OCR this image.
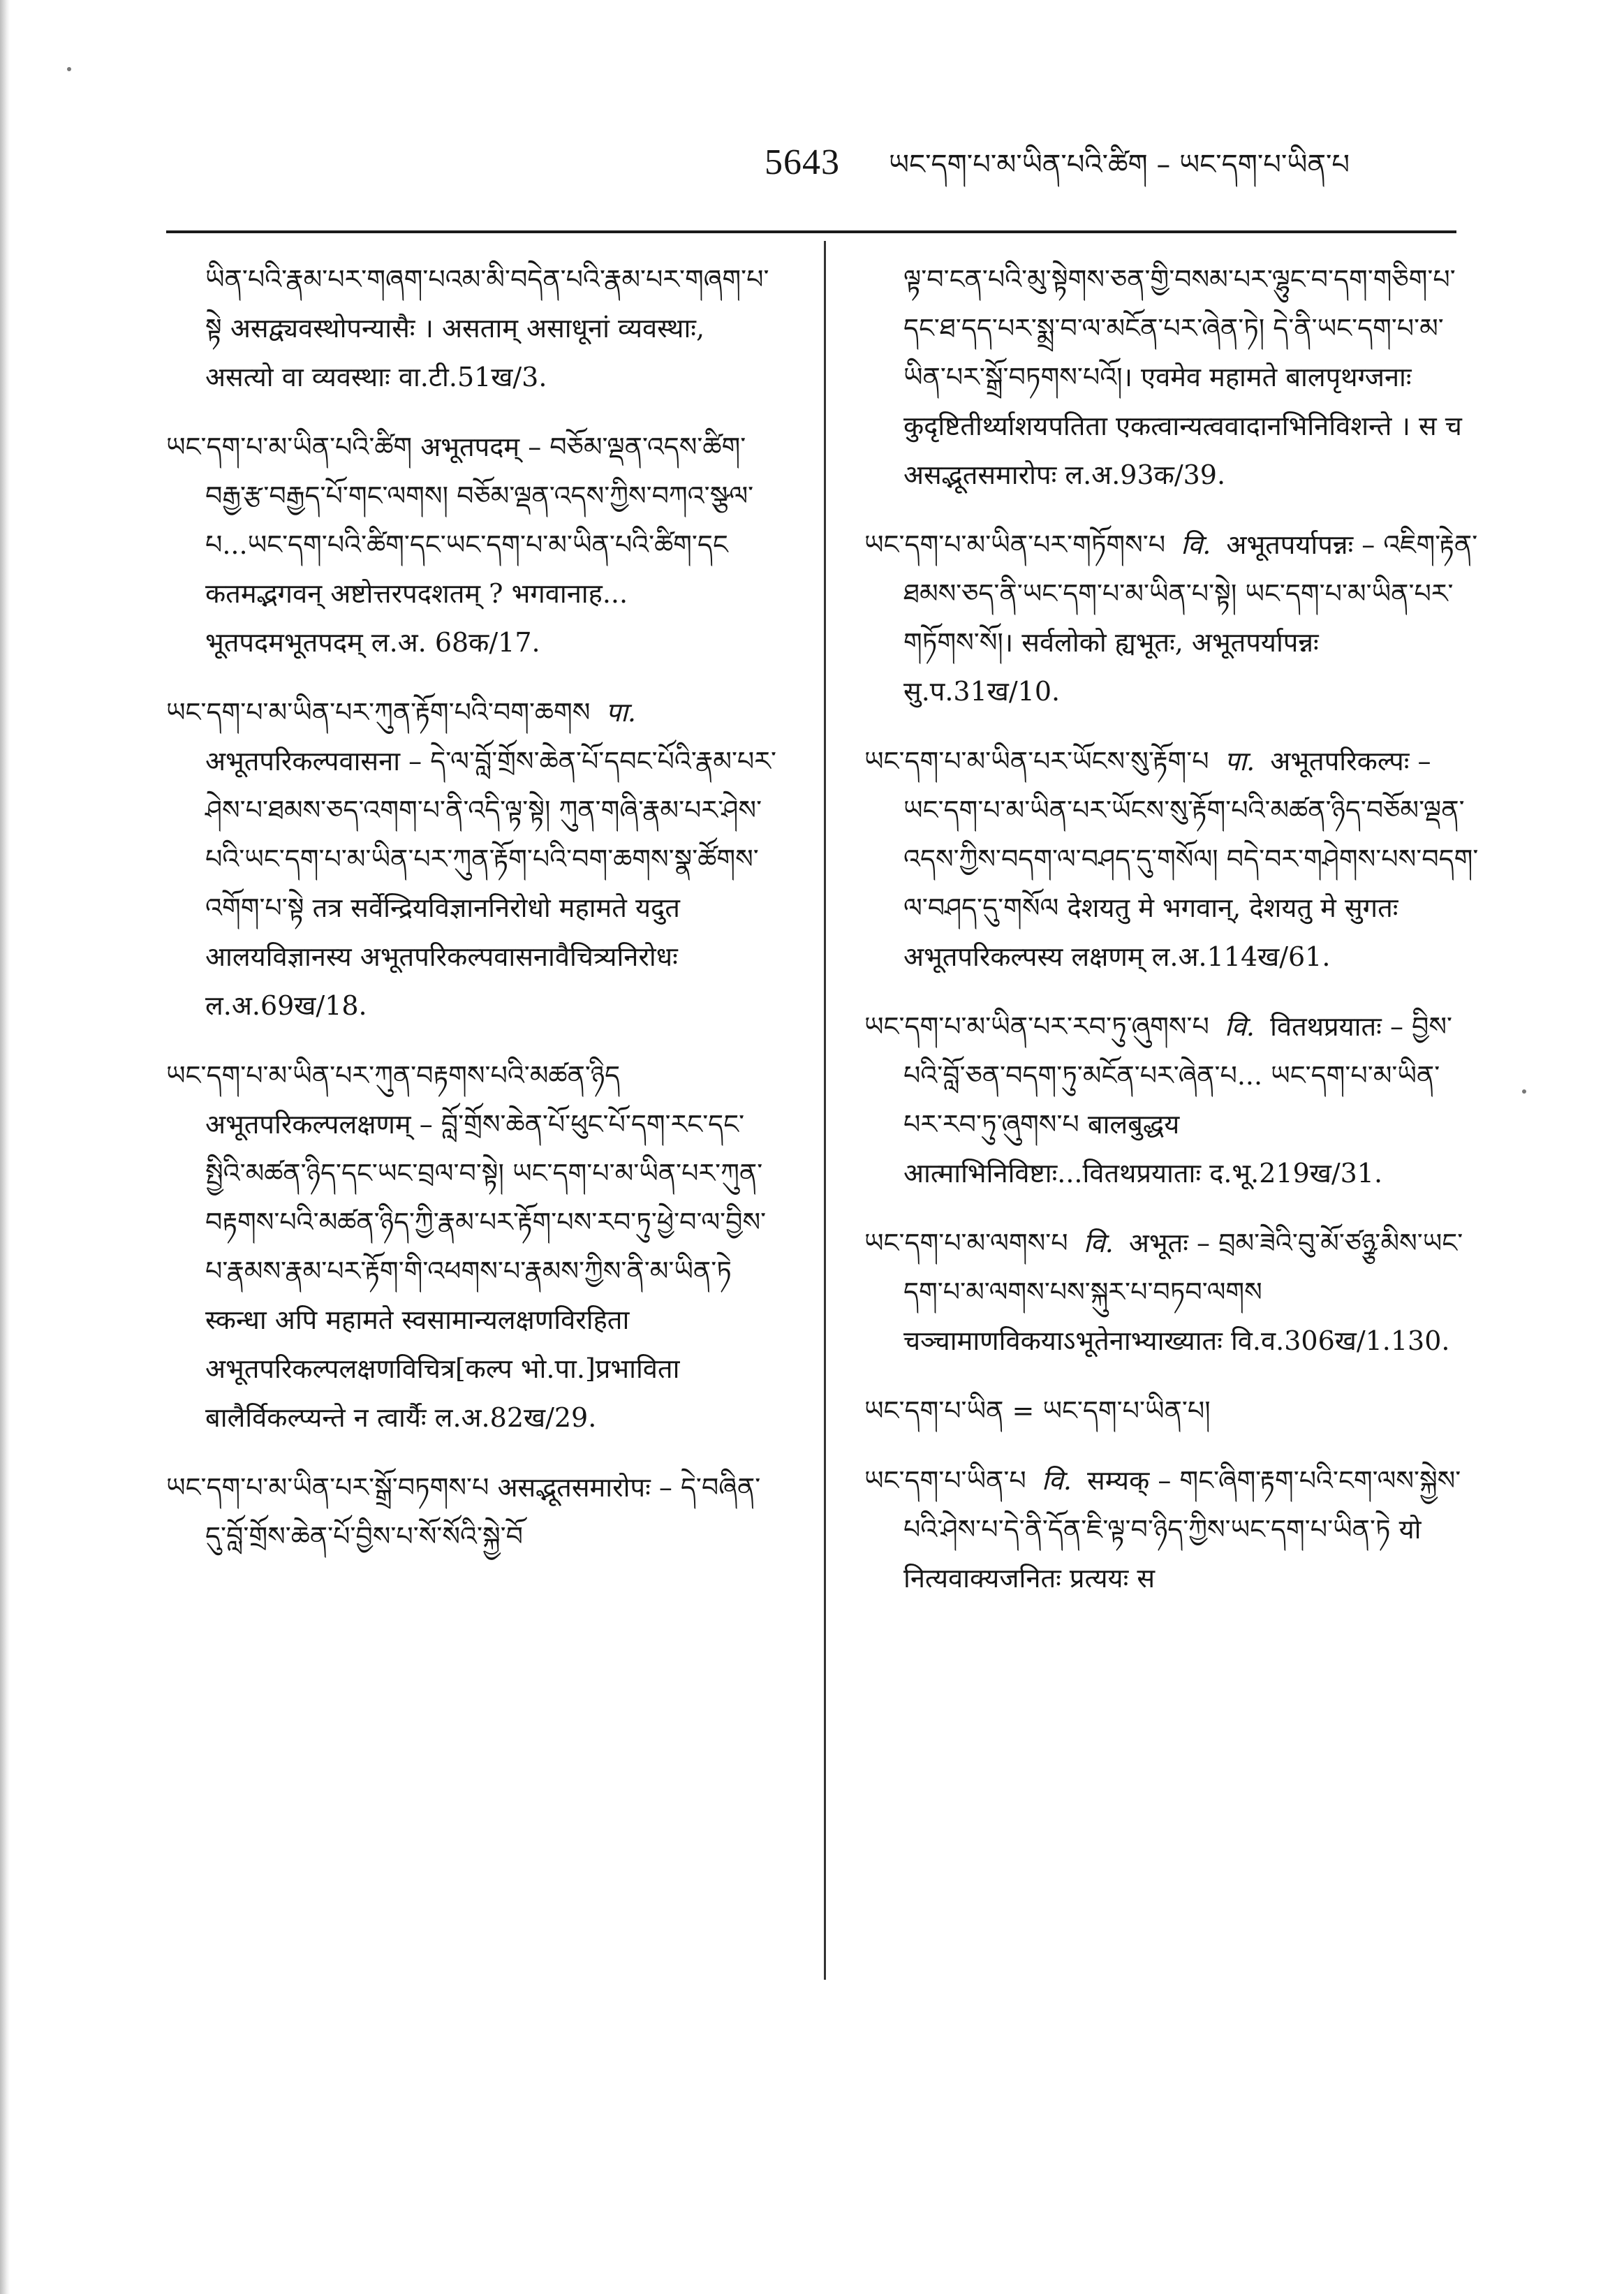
5643 ཡང་དག་པ་མ་ཡིན་པའི་ཚིག – ཡང་དག་པ་ཡིན་པ
ཡིན་པའི་རྣམ་པར་གཞག་པའམ་མི་བདེན་པའི་རྣམ་པར་གཞག་པ་སྟེ असद्व्यवस्थोपन्यासैः । असताम् असाधूनां व्यवस्थाः, असत्यो वा व्यवस्थाः वा.टी.51ख/3.
ཡང་དག་པ་མ་ཡིན་པའི་ཚིག अभूतपदम् – བཅོམ་ལྡན་འདས་ཚིག་བརྒྱ་རྩ་བརྒྱད་པོ་གང་ལགས། བཅོམ་ལྡན་འདས་ཀྱིས་བཀའ་སྩལ་པ...ཡང་དག་པའི་ཚིག་དང་ཡང་དག་པ་མ་ཡིན་པའི་ཚིག་དང कतमद्भगवन् अष्टोत्तरपदशतम् ? भगवानाह... भूतपदमभूतपदम् ल.अ. 68क/17.
ཡང་དག་པ་མ་ཡིན་པར་ཀུན་རྟོག་པའི་བག་ཆགས पा. अभूतपरिकल्पवासना – དེ་ལ་བློ་གྲོས་ཆེན་པོ་དབང་པོའི་རྣམ་པར་ཤེས་པ་ཐམས་ཅད་འགག་པ་ནི་འདི་ལྟ་སྟེ། ཀུན་གཞི་རྣམ་པར་ཤེས་པའི་ཡང་དག་པ་མ་ཡིན་པར་ཀུན་རྟོག་པའི་བག་ཆགས་སྣ་ཚོགས་འགོག་པ་སྟེ तत्र सर्वेन्द्रियविज्ञाननिरोधो महामते यदुत आलयविज्ञानस्य अभूतपरिकल्पवासनावैचित्र्यनिरोधः ल.अ.69ख/18.
ཡང་དག་པ་མ་ཡིན་པར་ཀུན་བརྟགས་པའི་མཚན་ཉིད अभूतपरिकल्पलक्षणम् – བློ་གྲོས་ཆེན་པོ་ཕུང་པོ་དག་རང་དང་སྤྱིའི་མཚན་ཉིད་དང་ཡང་བྲལ་བ་སྟེ། ཡང་དག་པ་མ་ཡིན་པར་ཀུན་བརྟགས་པའི་མཚན་ཉིད་ཀྱི་རྣམ་པར་རྟོག་པས་རབ་ཏུ་ཕྱེ་བ་ལ་བྱིས་པ་རྣམས་རྣམ་པར་རྟོག་གི་འཕགས་པ་རྣམས་ཀྱིས་ནི་མ་ཡིན་ཏེ स्कन्धा अपि महामते स्वसामान्यलक्षणविरहिता अभूतपरिकल्पलक्षणविचित्र[कल्प भो.पा.]प्रभाविता बालैर्विकल्प्यन्ते न त्वार्यैः ल.अ.82ख/29.
ཡང་དག་པ་མ་ཡིན་པར་སྒྲོ་བཏགས་པ असद्भूतसमारोपः – དེ་བཞིན་དུ་བློ་གྲོས་ཆེན་པོ་བྱིས་པ་སོ་སོའི་སྐྱེ་བོ
ལྟ་བ་ངན་པའི་མུ་སྟེགས་ཅན་གྱི་བསམ་པར་ལྷུང་བ་དག་གཅིག་པ་དང་ཐ་དད་པར་སྨྲ་བ་ལ་མངོན་པར་ཞེན་ཏེ། དེ་ནི་ཡང་དག་པ་མ་ཡིན་པར་སྒྲོ་བཏགས་པའོ།। एवमेव महामते बालपृथग्जनाः कुदृष्टितीर्थ्याशयपतिता एकत्वान्यत्ववादानभिनिविशन्ते । स च असद्भूतसमारोपः ल.अ.93क/39.
ཡང་དག་པ་མ་ཡིན་པར་གཏོགས་པ वि. अभूतपर्यापन्नः – འཇིག་རྟེན་ཐམས་ཅད་ནི་ཡང་དག་པ་མ་ཡིན་པ་སྟེ། ཡང་དག་པ་མ་ཡིན་པར་གཏོགས་སོ།। सर्वलोको ह्यभूतः, अभूतपर्यापन्नः सु.प.31ख/10.
ཡང་དག་པ་མ་ཡིན་པར་ཡོངས་སུ་རྟོག་པ पा. अभूतपरिकल्पः – ཡང་དག་པ་མ་ཡིན་པར་ཡོངས་སུ་རྟོག་པའི་མཚན་ཉིད་བཅོམ་ལྡན་འདས་ཀྱིས་བདག་ལ་བཤད་དུ་གསོལ། བདེ་བར་གཤེགས་པས་བདག་ལ་བཤད་དུ་གསོལ देशयतु मे भगवान्, देशयतु मे सुगतः अभूतपरिकल्पस्य लक्षणम् ल.अ.114ख/61.
ཡང་དག་པ་མ་ཡིན་པར་རབ་ཏུ་ཞུགས་པ वि. वितथप्रयातः – བྱིས་པའི་བློ་ཅན་བདག་ཏུ་མངོན་པར་ཞེན་པ... ཡང་དག་པ་མ་ཡིན་པར་རབ་ཏུ་ཞུགས་པ बालबुद्धय आत्माभिनिविष्टाः...वितथप्रयाताः द.भू.219ख/31.
ཡང་དག་པ་མ་ལགས་པ वि. अभूतः – བྲམ་ཟེའི་བུ་མོ་ཙཉྩ་མིས་ཡང་དག་པ་མ་ལགས་པས་སྐུར་པ་བཏབ་ལགས चञ्चामाणविकयाऽभूतेनाभ्याख्यातः वि.व.306ख/1.130.
ཡང་དག་པ་ཡིན = ཡང་དག་པ་ཡིན་པ།
ཡང་དག་པ་ཡིན་པ वि. सम्यक् – གང་ཞིག་རྟག་པའི་ངག་ལས་སྐྱེས་པའི་ཤེས་པ་དེ་ནི་དོན་ཇི་ལྟ་བ་ཉིད་ཀྱིས་ཡང་དག་པ་ཡིན་ཏེ यो नित्यवाक्यजनितः प्रत्ययः स
